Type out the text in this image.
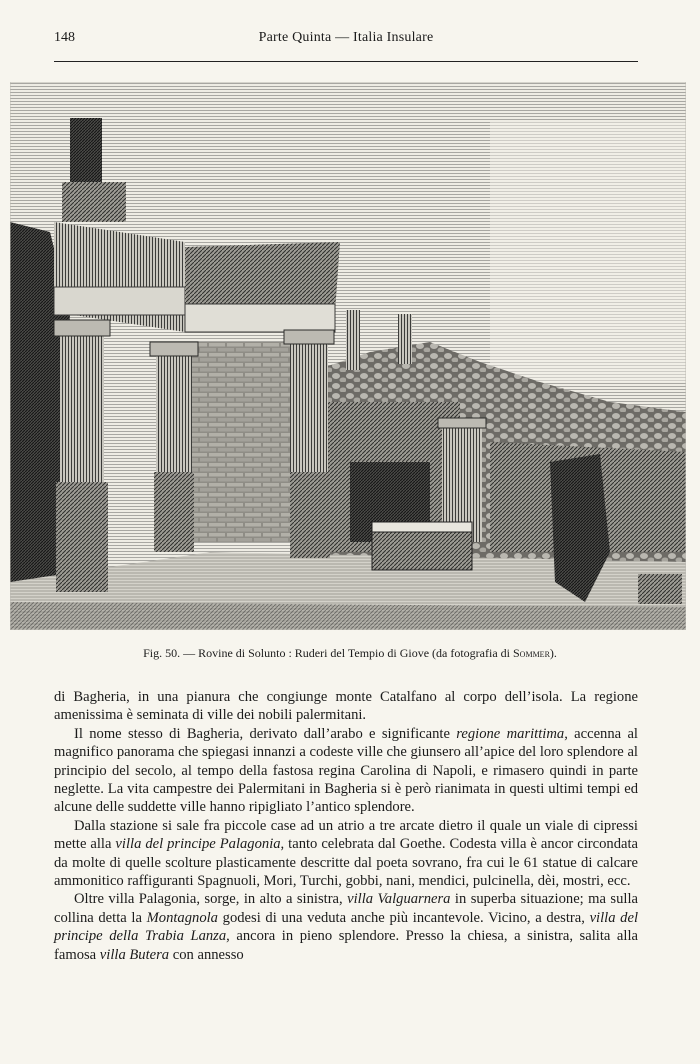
148	Parte Quinta — Italia Insulare
Fig. 50. — Rovine di Solunto : Ruderi del Tempio di Giove (da fotografia di Sommer).

di Bagheria, in una pianura che congiunge monte Catalfano al corpo dell’isola. La regione amenissima è seminata di ville dei nobili palermitani.

Il nome stesso di Bagheria, derivato dall’arabo e significante regione marittima, accenna al magnifico panorama che spiegasi innanzi a codeste ville che giunsero all’apice del loro splendore al principio del secolo, al tempo della fastosa regina Carolina di Napoli, e rimasero quindi in parte neglette. La vita campestre dei Palermitani in Bagheria si è però rianimata in questi ultimi tempi ed alcune delle suddette ville hanno ripigliato l’antico splendore.

Dalla stazione si sale fra piccole case ad un atrio a tre arcate dietro il quale un viale di cipressi mette alla villa del principe Palagonia, tanto celebrata dal Goethe. Codesta villa è ancor circondata da molte di quelle scolture plasticamente descritte dal poeta sovrano, fra cui le 61 statue di calcare ammonitico raffiguranti Spagnuoli, Mori, Turchi, gobbi, nani, mendici, pulcinella, dèi, mostri, ecc.

Oltre villa Palagonia, sorge, in alto a sinistra, villa Valguarnera in superba situazione; ma sulla collina detta la Montagnola godesi di una veduta anche più incantevole. Vicino, a destra, villa del principe della Trabia Lanza, ancora in pieno splendore. Presso la chiesa, a sinistra, salita alla famosa villa Butera con annesso
